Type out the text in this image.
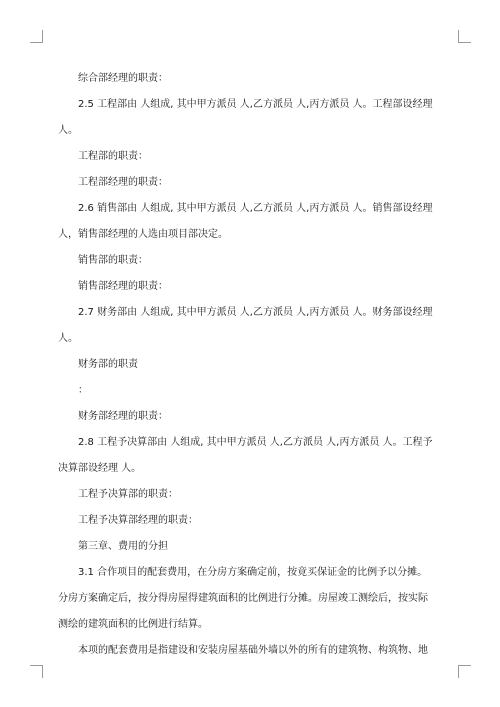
综合部经理的职责：
2.5 工程部由 人组成, 其中甲方派员 人,乙方派员 人,丙方派员 人。工程部设经理
人。
工程部的职责：
工程部经理的职责：
2.6 销售部由 人组成, 其中甲方派员 人,乙方派员 人,丙方派员 人。销售部设经理
人，销售部经理的人选由项目部决定。
销售部的职责：
销售部经理的职责：
2.7 财务部由 人组成, 其中甲方派员 人,乙方派员 人,丙方派员 人。财务部设经理
人。
财务部的职责
：
财务部经理的职责：
2.8 工程予决算部由 人组成, 其中甲方派员 人,乙方派员 人,丙方派员 人。工程予
决算部设经理 人。
工程予决算部的职责：
工程予决算部经理的职责：
第三章、费用的分担
3.1 合作项目的配套费用，在分房方案确定前，按竟买保证金的比例予以分摊。
分房方案确定后，按分得房屋得建筑面积的比例进行分摊。房屋竣工测绘后，按实际
测绘的建筑面积的比例进行结算。
本项的配套费用是指建设和安装房屋基础外墙以外的所有的建筑物、构筑物、地
